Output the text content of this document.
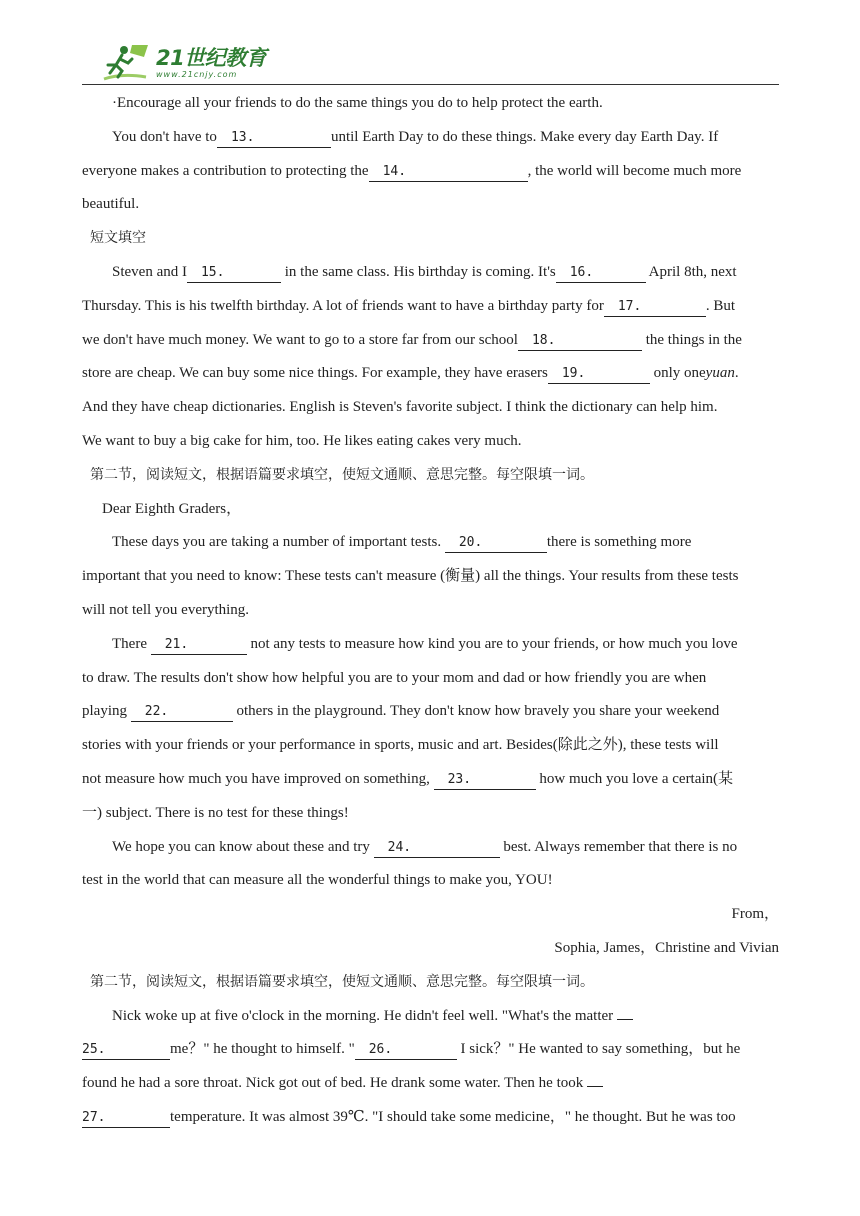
21世纪教育
www.21cnjy.com
·Encourage all your friends to do the same things you do to help protect the earth.
You don't have to 13.	until Earth Day to do these things. Make every day Earth Day. If
everyone makes a contribution to protecting the 14.	, the world will become much more
beautiful.
短文填空
Steven and I 15.	in the same class. His birthday is coming. It's 16.	April 8th, next
Thursday. This is his twelfth birthday. A lot of friends want to have a birthday party for 17.	. But
we don't have much money. We want to go to a store far from our school 18.	the things in the
store are cheap. We can buy some nice things. For example, they have erasers 19.	only oneyuan.
And they have cheap dictionaries. English is Steven's favorite subject. I think the dictionary can help him.
We want to buy a big cake for him, too. He likes eating cakes very much.
第二节，阅读短文，根据语篇要求填空，使短文通顺、意思完整。每空限填一词。
Dear Eighth Graders，
These days you are taking a number of important tests. 20.	there is something more
important that you need to know: These tests can't measure (衡量) all the things. Your results from these tests
will not tell you everything.
There 21.	not any tests to measure how kind you are to your friends, or how much you love
to draw. The results don't show how helpful you are to your mom and dad or how friendly you are when
playing 22.	others in the playground. They don't know how bravely you share your weekend
stories with your friends or your performance in sports, music and art. Besides(除此之外), these tests will
not measure how much you have improved on something, 23.	how much you love a certain(某
一) subject. There is no test for these things!
We hope you can know about these and try 24.	best. Always remember that there is no
test in the world that can measure all the wonderful things to make you, YOU!
From，
Sophia, James，Christine and Vivian
第二节，阅读短文，根据语篇要求填空，使短文通顺、意思完整。每空限填一词。
Nick woke up at five o'clock in the morning. He didn't feel well. "What's the matter
25.	me？" he thought to himself. " 26.	I sick？" He wanted to say something，but he
found he had a sore throat. Nick got out of bed. He drank some water. Then he took
27.	temperature. It was almost 39℃. "I should take some medicine，" he thought. But he was too
